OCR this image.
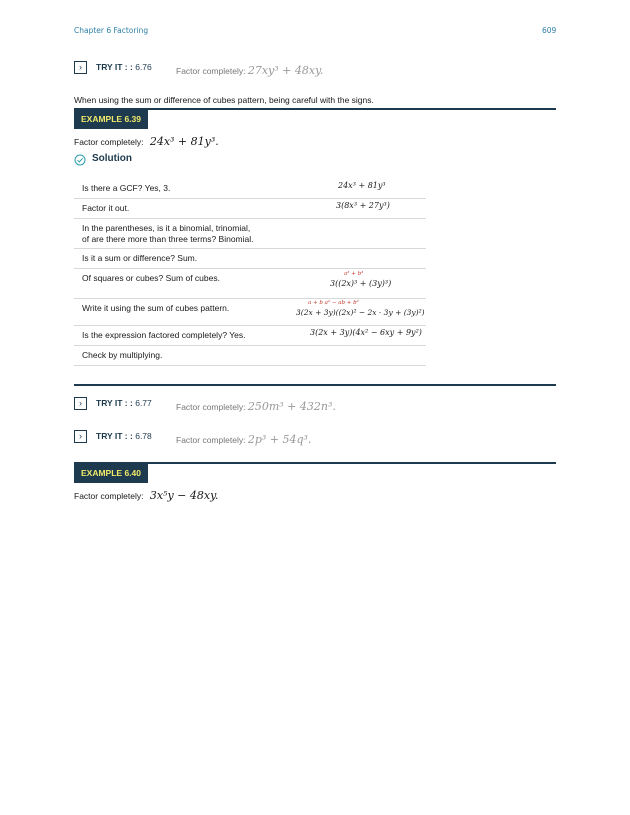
Chapter 6 Factoring	609
›	TRY IT : : 6.76	Factor completely: 27xy³ + 48xy.
When using the sum or difference of cubes pattern, being careful with the signs.
EXAMPLE 6.39
Factor completely: 24x³ + 81y³.
Solution
Is there a GCF? Yes, 3.	24x³ + 81y³
Factor it out.	3(8x³ + 27y³)
In the parentheses, is it a binomial, trinomial,
of are there more than three terms? Binomial.
Is it a sum or difference? Sum.
Of squares or cubes? Sum of cubes.	a³ + b³
3((2x)³ + (3y)³)
Write it using the sum of cubes pattern.	a + b a² − ab + b²
3(2x + 3y)((2x)² − 2x · 3y + (3y)²)
Is the expression factored completely? Yes.	3(2x + 3y)(4x² − 6xy + 9y²)
Check by multiplying.
›	TRY IT : : 6.77	Factor completely: 250m³ + 432n³.
›	TRY IT : : 6.78	Factor completely: 2p³ + 54q³.
EXAMPLE 6.40
Factor completely: 3x⁵y − 48xy.
